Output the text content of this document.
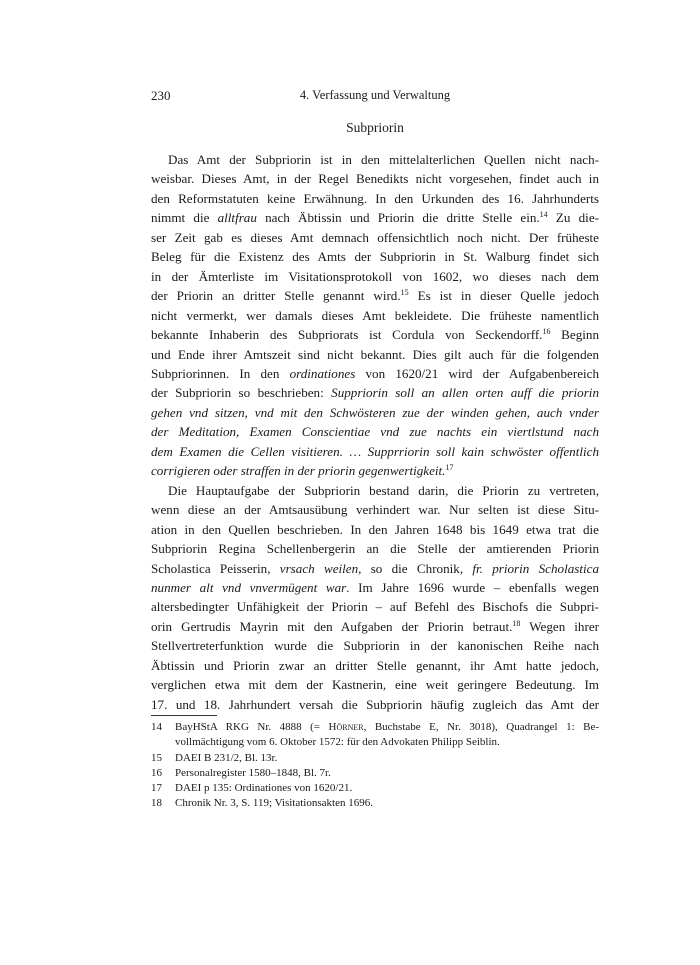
230	4. Verfassung und Verwaltung
Subpriorin
Das Amt der Subpriorin ist in den mittelalterlichen Quellen nicht nach-
weisbar. Dieses Amt, in der Regel Benedikts nicht vorgesehen, findet auch in
den Reformstatuten keine Erwähnung. In den Urkunden des 16. Jahrhunderts
nimmt die alltfrau nach Äbtissin und Priorin die dritte Stelle ein.$^{14}$ Zu die-
ser Zeit gab es dieses Amt demnach offensichtlich noch nicht. Der früheste
Beleg für die Existenz des Amts der Subpriorin in St. Walburg findet sich
in der Ämterliste im Visitationsprotokoll von 1602, wo dieses nach dem
der Priorin an dritter Stelle genannt wird.$^{15}$ Es ist in dieser Quelle jedoch
nicht vermerkt, wer damals dieses Amt bekleidete. Die früheste namentlich
bekannte Inhaberin des Subpriorats ist Cordula von Seckendorff.$^{16}$ Beginn
und Ende ihrer Amtszeit sind nicht bekannt. Dies gilt auch für die folgenden
Subpriorinnen. In den ordinationes von 1620/21 wird der Aufgabenbereich
der Subpriorin so beschrieben: Suppriorin soll an allen orten auff die priorin
gehen vnd sitzen, vnd mit den Schwösteren zue der winden gehen, auch vnder
der Meditation, Examen Conscientiae vnd zue nachts ein viertlstund nach
dem Examen die Cellen visitieren. … Supprriorin soll kain schwöster offentlich
corrigieren oder straffen in der priorin gegenwertigkeit.$^{17}$
Die Hauptaufgabe der Subpriorin bestand darin, die Priorin zu vertreten,
wenn diese an der Amtsausübung verhindert war. Nur selten ist diese Situ-
ation in den Quellen beschrieben. In den Jahren 1648 bis 1649 etwa trat die
Subpriorin Regina Schellenbergerin an die Stelle der amtierenden Priorin
Scholastica Peisserin, vrsach weilen, so die Chronik, fr. priorin Scholastica
nunmer alt vnd vnvermügent war. Im Jahre 1696 wurde – ebenfalls wegen
altersbedingter Unfähigkeit der Priorin – auf Befehl des Bischofs die Subpri-
orin Gertrudis Mayrin mit den Aufgaben der Priorin betraut.$^{18}$ Wegen ihrer
Stellvertreterfunktion wurde die Subpriorin in der kanonischen Reihe nach
Äbtissin und Priorin zwar an dritter Stelle genannt, ihr Amt hatte jedoch,
verglichen etwa mit dem der Kastnerin, eine weit geringere Bedeutung. Im
17. und 18. Jahrhundert versah die Subpriorin häufig zugleich das Amt der
14 BayHStA RKG Nr. 4888 (= Hörner, Buchstabe E, Nr. 3018), Quadrangel 1: Be-
vollmächtigung vom 6. Oktober 1572: für den Advokaten Philipp Seiblin.
15 DAEI B 231/2, Bl. 13r.
16 Personalregister 1580–1848, Bl. 7r.
17 DAEI p 135: Ordinationes von 1620/21.
18 Chronik Nr. 3, S. 119; Visitationsakten 1696.
